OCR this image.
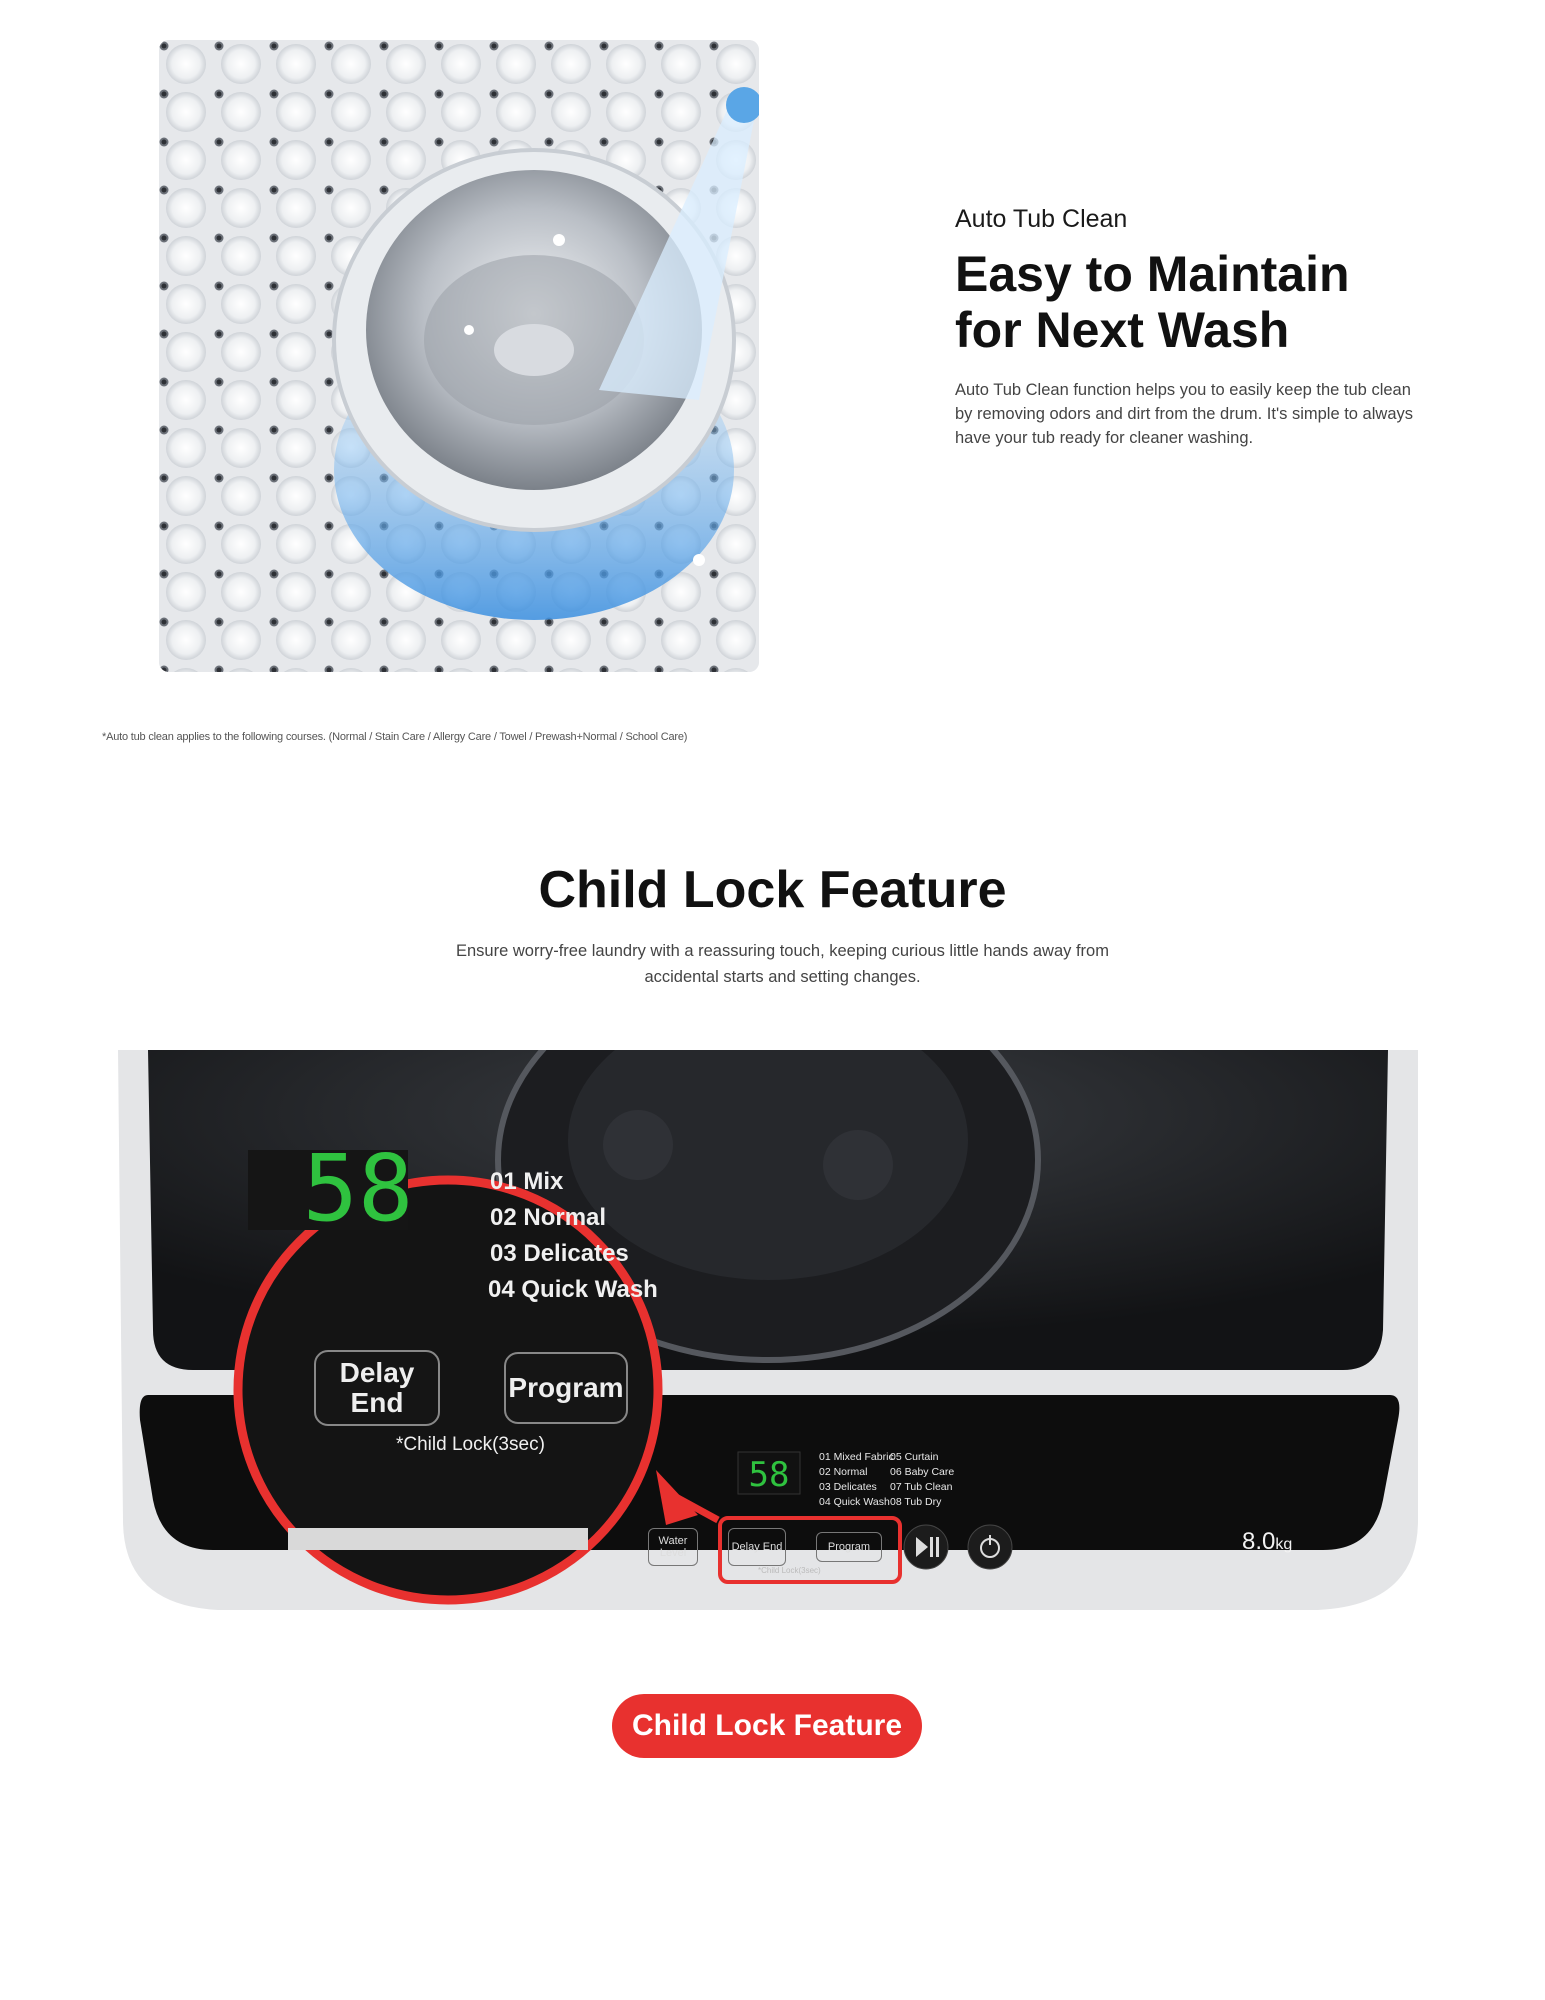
Auto Tub Clean

Easy to Maintain
for Next Wash

Auto Tub Clean function helps you to easily keep the tub clean by removing odors and dirt from the drum. It's simple to always have your tub ready for cleaner washing.

*Auto tub clean applies to the following courses. (Normal / Stain Care / Allergy Care / Towel / Prewash+Normal / School Care)

Child Lock Feature

Ensure worry-free laundry with a reassuring touch, keeping curious little hands away from accidental starts and setting changes.

58
58
01 Mixed Fabric
02 Normal
03 Delicates
04 Quick Wash
05 Curtain
06 Baby Care
07 Tub Clean
08 Tub Dry
Water Level	Delay End	Program
*Child Lock(3sec)
8.0kg
01 Mix
02 Normal
03 Delicates
04 Quick Wash
Delay End	Program
*Child Lock(3sec)
Child Lock Feature
